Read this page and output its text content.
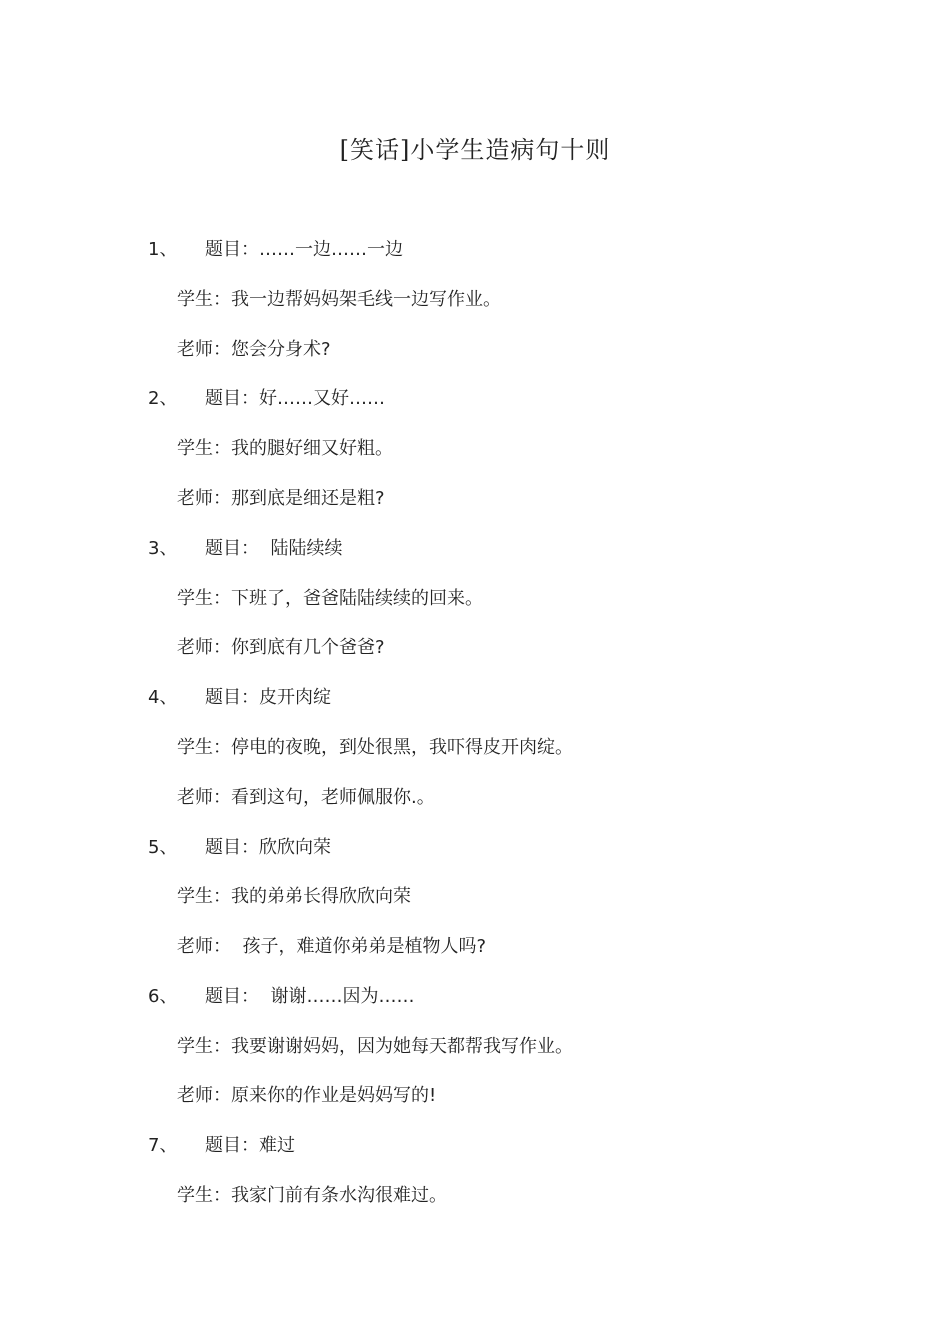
[笑话]小学生造病句十则
1、	题目：……一边……一边
学生：我一边帮妈妈架毛线一边写作业。
老师：您会分身术?
2、	题目：好……又好……
学生：我的腿好细又好粗。
老师：那到底是细还是粗?
3、	题目：  陆陆续续
学生：下班了，爸爸陆陆续续的回来。
老师：你到底有几个爸爸?
4、	题目：皮开肉绽
学生：停电的夜晚，到处很黑，我吓得皮开肉绽。
老师：看到这句，老师佩服你.。
5、	题目：欣欣向荣
学生：我的弟弟长得欣欣向荣
老师：  孩子，难道你弟弟是植物人吗?
6、	题目：  谢谢……因为……
学生：我要谢谢妈妈，因为她每天都帮我写作业。
老师：原来你的作业是妈妈写的!
7、	题目：难过
学生：我家门前有条水沟很难过。
